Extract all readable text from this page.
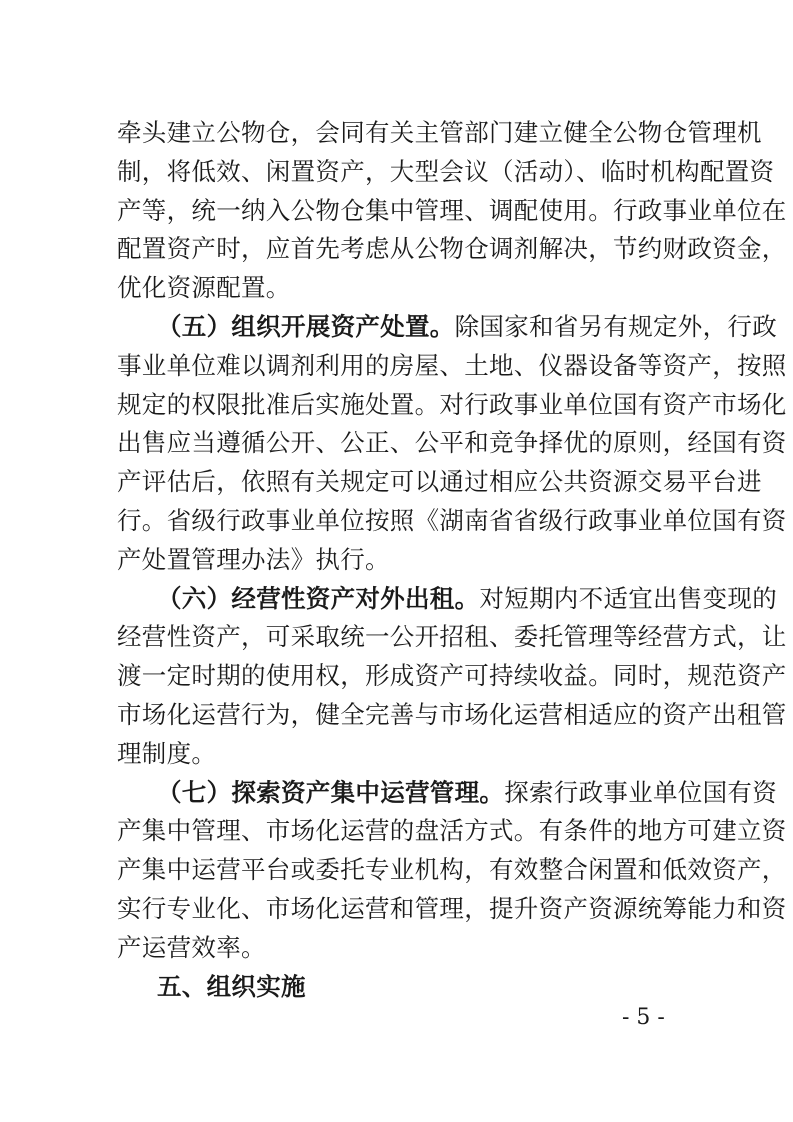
牵头建立公物仓，会同有关主管部门建立健全公物仓管理机
制，将低效、闲置资产，大型会议（活动）、临时机构配置资
产等，统一纳入公物仓集中管理、调配使用。行政事业单位在
配置资产时，应首先考虑从公物仓调剂解决，节约财政资金，
优化资源配置。
（五）组织开展资产处置。除国家和省另有规定外，行政
事业单位难以调剂利用的房屋、土地、仪器设备等资产，按照
规定的权限批准后实施处置。对行政事业单位国有资产市场化
出售应当遵循公开、公正、公平和竞争择优的原则，经国有资
产评估后，依照有关规定可以通过相应公共资源交易平台进
行。省级行政事业单位按照《湖南省省级行政事业单位国有资
产处置管理办法》执行。
（六）经营性资产对外出租。对短期内不适宜出售变现的
经营性资产，可采取统一公开招租、委托管理等经营方式，让
渡一定时期的使用权，形成资产可持续收益。同时，规范资产
市场化运营行为，健全完善与市场化运营相适应的资产出租管
理制度。
（七）探索资产集中运营管理。探索行政事业单位国有资
产集中管理、市场化运营的盘活方式。有条件的地方可建立资
产集中运营平台或委托专业机构，有效整合闲置和低效资产，
实行专业化、市场化运营和管理，提升资产资源统筹能力和资
产运营效率。
五、组织实施
- 5 -
